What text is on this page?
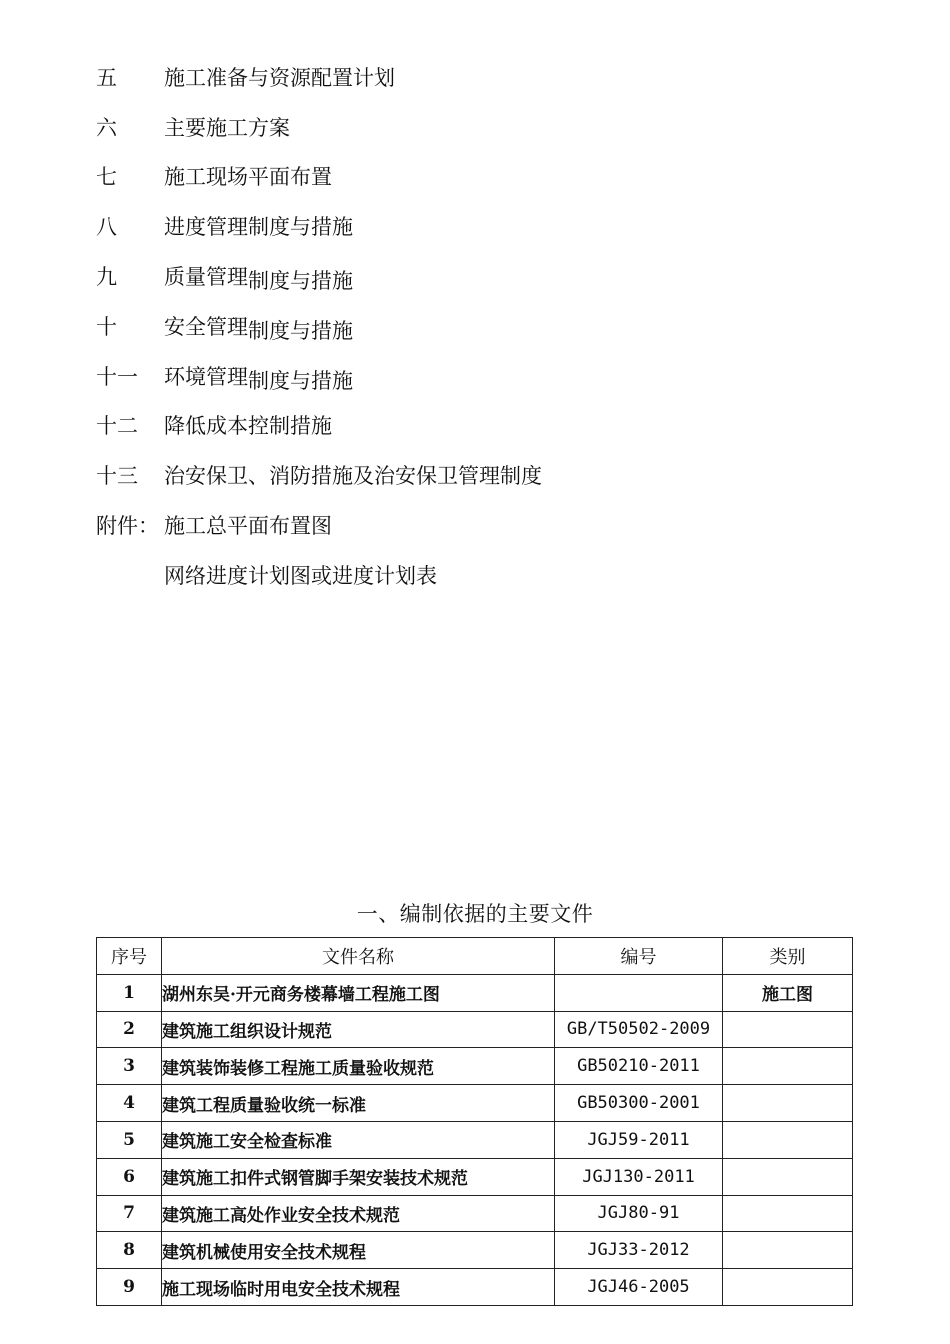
五	施工准备与资源配置计划
六	主要施工方案
七	施工现场平面布置
八	进度管理制度与措施
九	质量管理制度与措施
十	安全管理制度与措施
十一	环境管理制度与措施
十二	降低成本控制措施
十三	治安保卫、消防措施及治安保卫管理制度
附件： 施工总平面布置图
网络进度计划图或进度计划表
一、编制依据的主要文件
序号	文件名称	编号	类别
1	湖州东吴·开元商务楼幕墙工程施工图		施工图
2	建筑施工组织设计规范	GB/T50502-2009	
3	建筑装饰装修工程施工质量验收规范	GB50210-2011	
4	建筑工程质量验收统一标准	GB50300-2001	
5	建筑施工安全检查标准	JGJ59-2011	
6	建筑施工扣件式钢管脚手架安装技术规范	JGJ130-2011	
7	建筑施工高处作业安全技术规范	JGJ80-91	
8	建筑机械使用安全技术规程	JGJ33-2012	
9	施工现场临时用电安全技术规程	JGJ46-2005	
